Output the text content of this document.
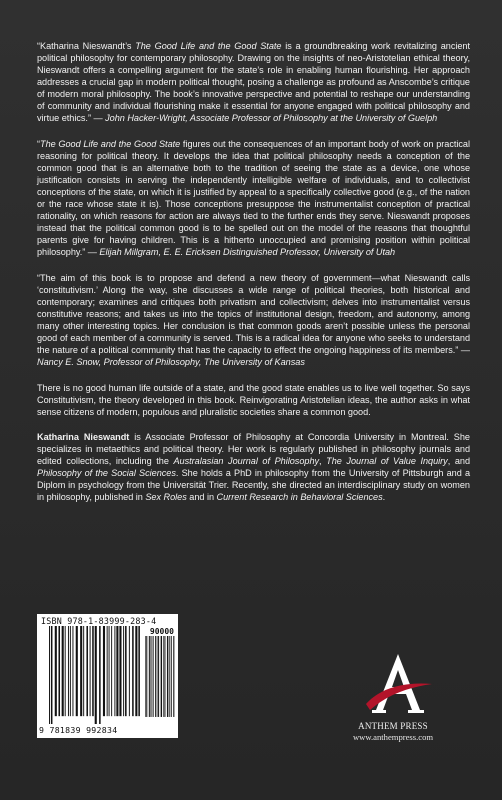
“Katharina Nieswandt’s The Good Life and the Good State is a groundbreaking work revitalizing ancient political philosophy for contemporary philosophy. Drawing on the insights of neo-Aristotelian ethical theory, Nieswandt offers a compelling argument for the state’s role in enabling human flourishing. Her approach addresses a crucial gap in modern political thought, posing a challenge as profound as Anscombe’s critique of modern moral philosophy. The book’s innovative perspective and potential to reshape our understanding of community and individual flourishing make it essential for anyone engaged with political philosophy and virtue ethics.” — John Hacker-Wright, Associate Professor of Philosophy at the University of Guelph

“The Good Life and the Good State figures out the consequences of an important body of work on practical reasoning for political theory. It develops the idea that political philosophy needs a conception of the common good that is an alternative both to the tradition of seeing the state as a device, one whose justification consists in serving the independently intelligible welfare of individuals, and to collectivist conceptions of the state, on which it is justified by appeal to a specifically collective good (e.g., of the nation or the race whose state it is). Those conceptions presuppose the instrumentalist conception of practical rationality, on which reasons for action are always tied to the further ends they serve. Nieswandt proposes instead that the political common good is to be spelled out on the model of the reasons that thoughtful parents give for having children. This is a hitherto unoccupied and promising position within political philosophy.” — Elijah Millgram, E. E. Ericksen Distinguished Professor, University of Utah

“The aim of this book is to propose and defend a new theory of government—what Nieswandt calls ‘constitutivism.’ Along the way, she discusses a wide range of political theories, both historical and contemporary; examines and critiques both privatism and collectivism; delves into instrumentalist versus constitutive reasons; and takes us into the topics of institutional design, freedom, and autonomy, among many other interesting topics. Her conclusion is that common goods aren’t possible unless the personal good of each member of a community is served. This is a radical idea for anyone who seeks to understand the nature of a political community that has the capacity to effect the ongoing happiness of its members.” — Nancy E. Snow, Professor of Philosophy, The University of Kansas

There is no good human life outside of a state, and the good state enables us to live well together. So says Constitutivism, the theory developed in this book. Reinvigorating Aristotelian ideas, the author asks in what sense citizens of modern, populous and pluralistic societies share a common good.

Katharina Nieswandt is Associate Professor of Philosophy at Concordia University in Montreal. She specializes in metaethics and political theory. Her work is regularly published in philosophy journals and edited collections, including the Australasian Journal of Philosophy, The Journal of Value Inquiry, and Philosophy of the Social Sciences. She holds a PhD in philosophy from the University of Pittsburgh and a Diplom in psychology from the Universität Trier. Recently, she directed an interdisciplinary study on women in philosophy, published in Sex Roles and in Current Research in Behavioral Sciences.

ISBN 978-1-83999-283-4
90000
9 781839 992834	ANTHEM PRESS
www.anthempress.com
